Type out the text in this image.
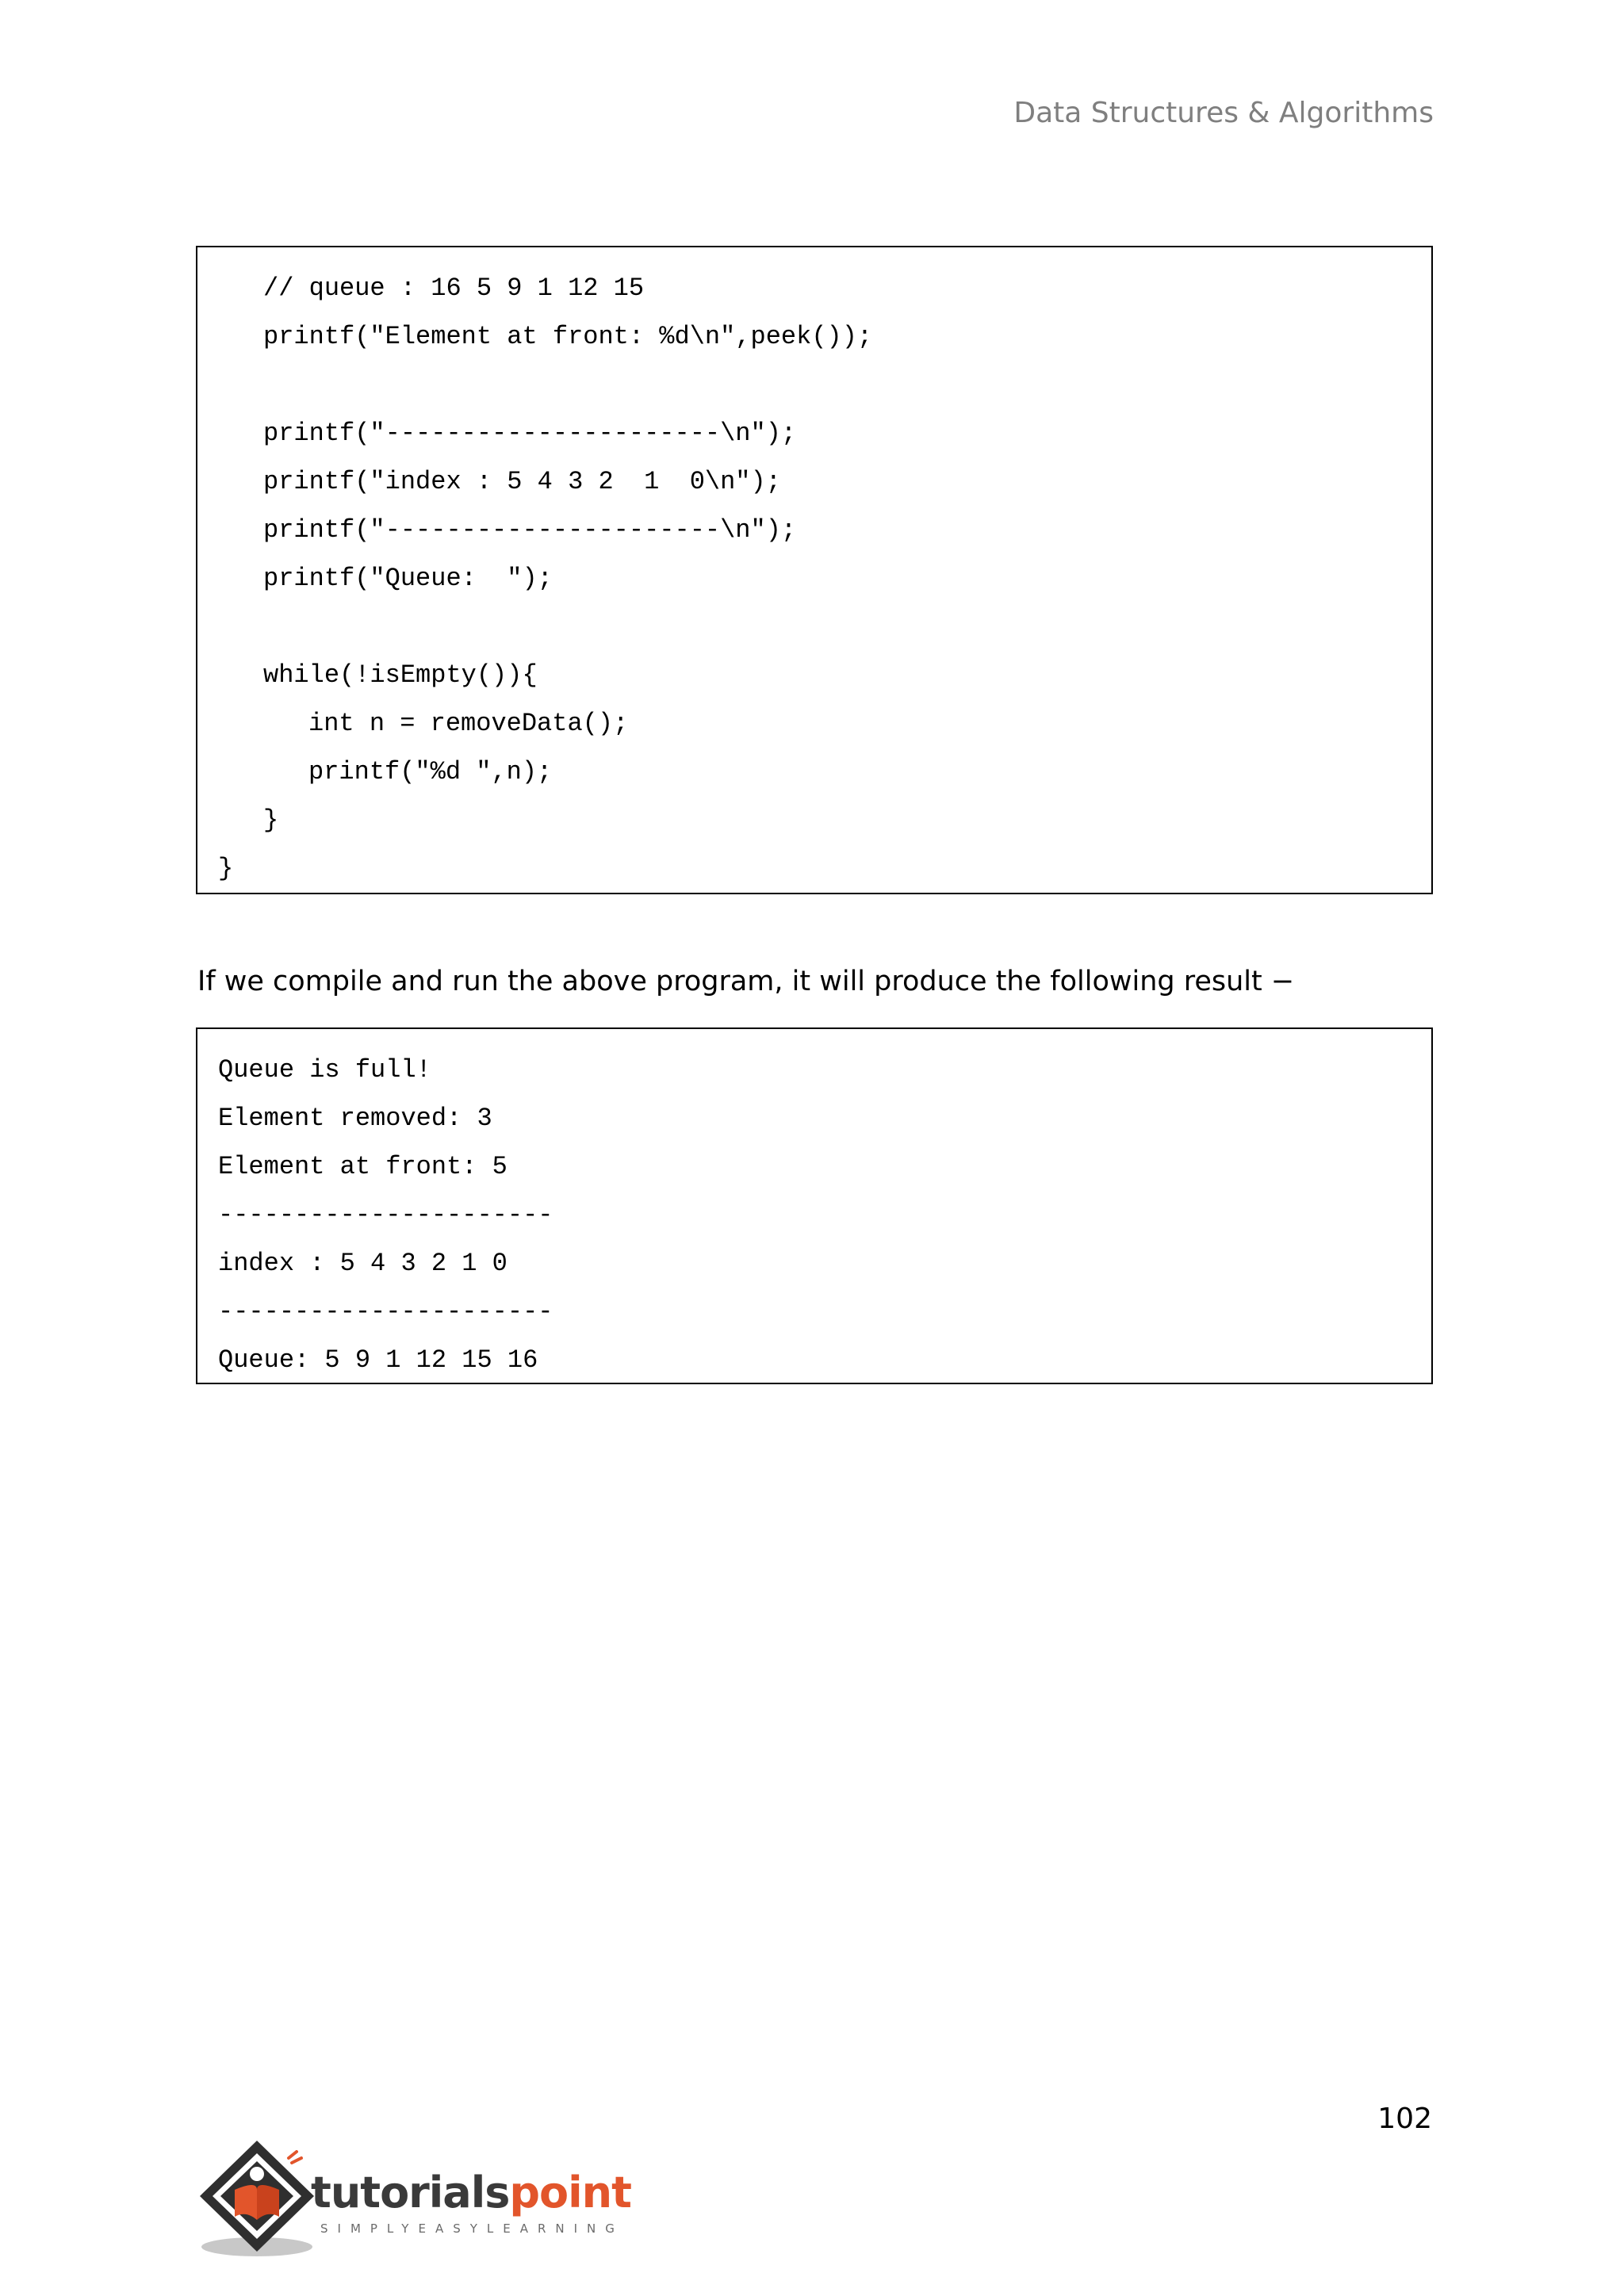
Data Structures & Algorithms
// queue : 16 5 9 1 12 15
printf("Element at front: %d\n",peek());
printf("----------------------\n");
printf("index : 5 4 3 2  1  0\n");
printf("----------------------\n");
printf("Queue:  ");
while(!isEmpty()){
int n = removeData();
printf("%d ",n);
}
}
If we compile and run the above program, it will produce the following result −
Queue is full!
Element removed: 3
Element at front: 5
----------------------
index : 5 4 3 2 1 0
----------------------
Queue: 5 9 1 12 15 16
102
tutorialspoint
SIMPLYEASYLEARNING
